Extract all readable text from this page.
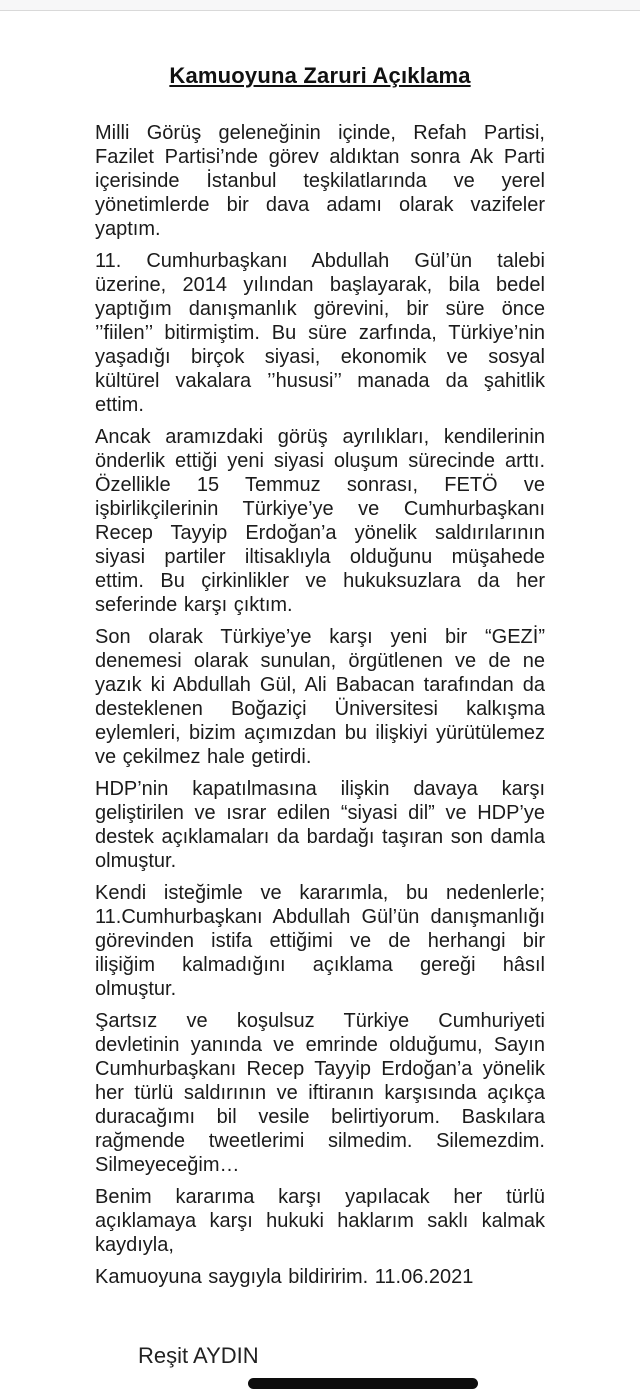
Kamuoyuna Zaruri Açıklama

Milli Görüş geleneğinin içinde, Refah Partisi, Fazilet Partisi’nde görev aldıktan sonra Ak Parti içerisinde İstanbul teşkilatlarında ve yerel yönetimlerde bir dava adamı olarak vazifeler yaptım.

11. Cumhurbaşkanı Abdullah Gül’ün talebi üzerine, 2014 yılından başlayarak, bila bedel yaptığım danışmanlık görevini, bir süre önce ’’fiilen’’ bitirmiştim. Bu süre zarfında, Türkiye’nin yaşadığı birçok siyasi, ekonomik ve sosyal kültürel vakalara ’’hususi’’ manada da şahitlik ettim.

Ancak aramızdaki görüş ayrılıkları, kendilerinin önderlik ettiği yeni siyasi oluşum sürecinde arttı. Özellikle 15 Temmuz sonrası, FETÖ ve işbirlikçilerinin Türkiye’ye ve Cumhurbaşkanı Recep Tayyip Erdoğan’a yönelik saldırılarının siyasi partiler iltisaklıyla olduğunu müşahede ettim. Bu çirkinlikler ve hukuksuzlara da her seferinde karşı çıktım.

Son olarak Türkiye’ye karşı yeni bir “GEZİ” denemesi olarak sunulan, örgütlenen ve de ne yazık ki Abdullah Gül, Ali Babacan tarafından da desteklenen Boğaziçi Üniversitesi kalkışma eylemleri, bizim açımızdan bu ilişkiyi yürütülemez ve çekilmez hale getirdi.

HDP’nin kapatılmasına ilişkin davaya karşı geliştirilen ve ısrar edilen “siyasi dil” ve HDP’ye destek açıklamaları da bardağı taşıran son damla olmuştur.

Kendi isteğimle ve kararımla, bu nedenlerle; 11.Cumhurbaşkanı Abdullah Gül’ün danışmanlığı görevinden istifa ettiğimi ve de herhangi bir ilişiğim kalmadığını açıklama gereği hâsıl olmuştur.

Şartsız ve koşulsuz Türkiye Cumhuriyeti devletinin yanında ve emrinde olduğumu, Sayın Cumhurbaşkanı Recep Tayyip Erdoğan’a yönelik her türlü saldırının ve iftiranın karşısında açıkça duracağımı bil vesile belirtiyorum. Baskılara rağmende tweetlerimi silmedim. Silemezdim. Silmeyeceğim…

Benim kararıma karşı yapılacak her türlü açıklamaya karşı hukuki haklarım saklı kalmak kaydıyla,

Kamuoyuna saygıyla bildiririm. 11.06.2021

Reşit AYDIN
